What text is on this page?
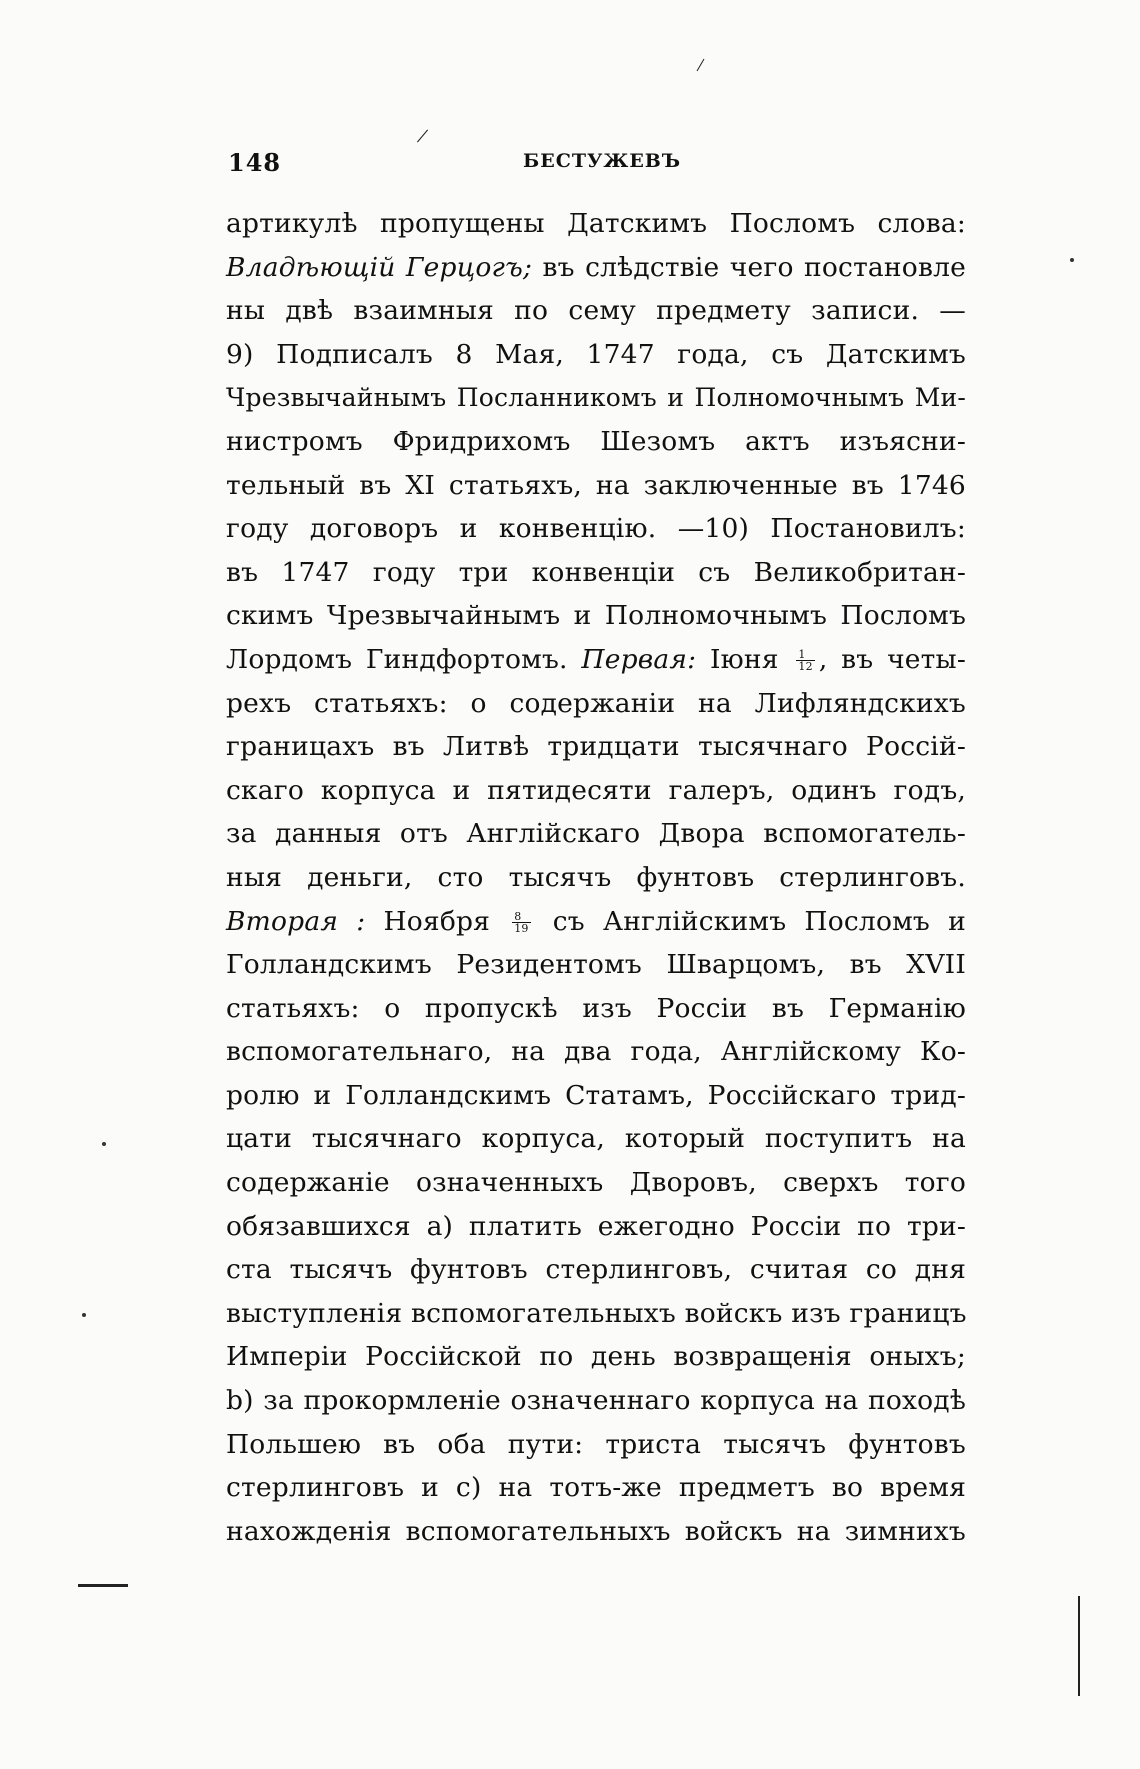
148	БЕСТУЖЕВЪ
артикулѣ пропущены Датскимъ Посломъ слова:
Владѣющій Герцогъ; въ слѣдствіе чего постановле
ны двѣ взаимныя по сему предмету записи. —
9) Подписалъ 8 Мая, 1747 года, съ Датскимъ
Чрезвычайнымъ Посланникомъ и Полномочнымъ Ми-
нистромъ Фридрихомъ Шезомъ актъ изъясни-
тельный въ XI статьяхъ, на заключенные въ 1746
году договоръ и конвенцію. —10) Постановилъ:
въ 1747 году три конвенціи съ Великобритан-
скимъ Чрезвычайнымъ и Полномочнымъ Посломъ
Лордомъ Гиндфортомъ. Первая: Іюня $\frac{1}{12}$ , въ четы-
рехъ статьяхъ: о содержаніи на Лифляндскихъ
границахъ въ Литвѣ тридцати тысячнаго Россій-
скаго корпуса и пятидесяти галеръ, одинъ годъ,
за данныя отъ Англійскаго Двора вспомогатель-
ныя деньги, сто тысячъ фунтовъ стерлинговъ.
Вторая : Ноября $\frac{8}{19}$ съ Англійскимъ Посломъ и
Голландскимъ Резидентомъ Шварцомъ, въ XVII
статьяхъ: о пропускѣ изъ Россіи въ Германію
вспомогательнаго, на два года, Англійскому Ко-
ролю и Голландскимъ Статамъ, Россійскаго трид-
цати тысячнаго корпуса, который поступитъ на
содержаніе означенныхъ Дворовъ, сверхъ того
обязавшихся a) платить ежегодно Россіи по три-
ста тысячъ фунтовъ стерлинговъ, считая со дня
выступленія вспомогательныхъ войскъ изъ границъ
Имперіи Россійской по день возвращенія оныхъ;
b) за прокормленіе означеннаго корпуса на походѣ
Польшею въ оба пути: триста тысячъ фунтовъ
стерлинговъ и c) на тотъ-же предметъ во время
нахожденія вспомогательныхъ войскъ на зимнихъ
